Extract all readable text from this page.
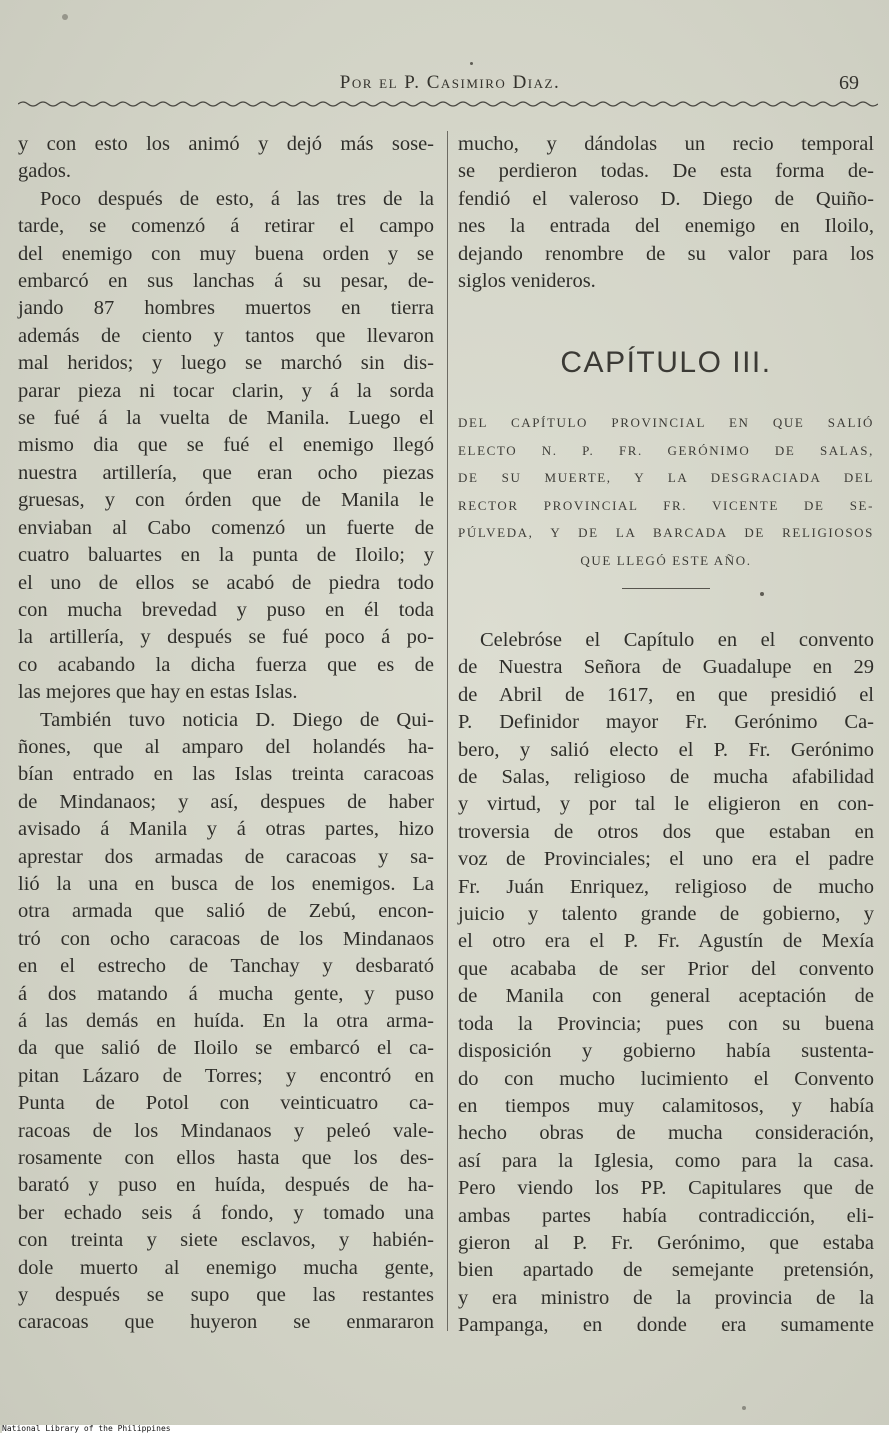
Por el P. Casimiro Diaz.	69
y con esto los animó y dejó más sose-
gados.
Poco después de esto, á las tres de la
tarde, se comenzó á retirar el campo
del enemigo con muy buena orden y se
embarcó en sus lanchas á su pesar, de-
jando 87 hombres muertos en tierra
además de ciento y tantos que llevaron
mal heridos; y luego se marchó sin dis-
parar pieza ni tocar clarin, y á la sorda
se fué á la vuelta de Manila. Luego el
mismo dia que se fué el enemigo llegó
nuestra artillería, que eran ocho piezas
gruesas, y con órden que de Manila le
enviaban al Cabo comenzó un fuerte de
cuatro baluartes en la punta de Iloilo; y
el uno de ellos se acabó de piedra todo
con mucha brevedad y puso en él toda
la artillería, y después se fué poco á po-
co acabando la dicha fuerza que es de
las mejores que hay en estas Islas.
También tuvo noticia D. Diego de Qui-
ñones, que al amparo del holandés ha-
bían entrado en las Islas treinta caracoas
de Mindanaos; y así, despues de haber
avisado á Manila y á otras partes, hizo
aprestar dos armadas de caracoas y sa-
lió la una en busca de los enemigos. La
otra armada que salió de Zebú, encon-
tró con ocho caracoas de los Mindanaos
en el estrecho de Tanchay y desbarató
á dos matando á mucha gente, y puso
á las demás en huída. En la otra arma-
da que salió de Iloilo se embarcó el ca-
pitan Lázaro de Torres; y encontró en
Punta de Potol con veinticuatro ca-
racoas de los Mindanaos y peleó vale-
rosamente con ellos hasta que los des-
barató y puso en huída, después de ha-
ber echado seis á fondo, y tomado una
con treinta y siete esclavos, y habién-
dole muerto al enemigo mucha gente,
y después se supo que las restantes
caracoas que huyeron se enmararon
mucho, y dándolas un recio temporal
se perdieron todas. De esta forma de-
fendió el valeroso D. Diego de Quiño-
nes la entrada del enemigo en Iloilo,
dejando renombre de su valor para los
siglos venideros.
CAPÍTULO III.
DEL CAPÍTULO PROVINCIAL EN QUE SALIÓ
ELECTO N. P. FR. GERÓNIMO DE SALAS,
DE SU MUERTE, Y LA DESGRACIADA DEL
RECTOR PROVINCIAL FR. VICENTE DE SE-
PÚLVEDA, Y DE LA BARCADA DE RELIGIOSOS
QUE LLEGÓ ESTE AÑO.
Celebróse el Capítulo en el convento
de Nuestra Señora de Guadalupe en 29
de Abril de 1617, en que presidió el
P. Definidor mayor Fr. Gerónimo Ca-
bero, y salió electo el P. Fr. Gerónimo
de Salas, religioso de mucha afabilidad
y virtud, y por tal le eligieron en con-
troversia de otros dos que estaban en
voz de Provinciales; el uno era el padre
Fr. Juán Enriquez, religioso de mucho
juicio y talento grande de gobierno, y
el otro era el P. Fr. Agustín de Mexía
que acababa de ser Prior del convento
de Manila con general aceptación de
toda la Provincia; pues con su buena
disposición y gobierno había sustenta-
do con mucho lucimiento el Convento
en tiempos muy calamitosos, y había
hecho obras de mucha consideración,
así para la Iglesia, como para la casa.
Pero viendo los PP. Capitulares que de
ambas partes había contradicción, eli-
gieron al P. Fr. Gerónimo, que estaba
bien apartado de semejante pretensión,
y era ministro de la provincia de la
Pampanga, en donde era sumamente
National Library of the Philippines
